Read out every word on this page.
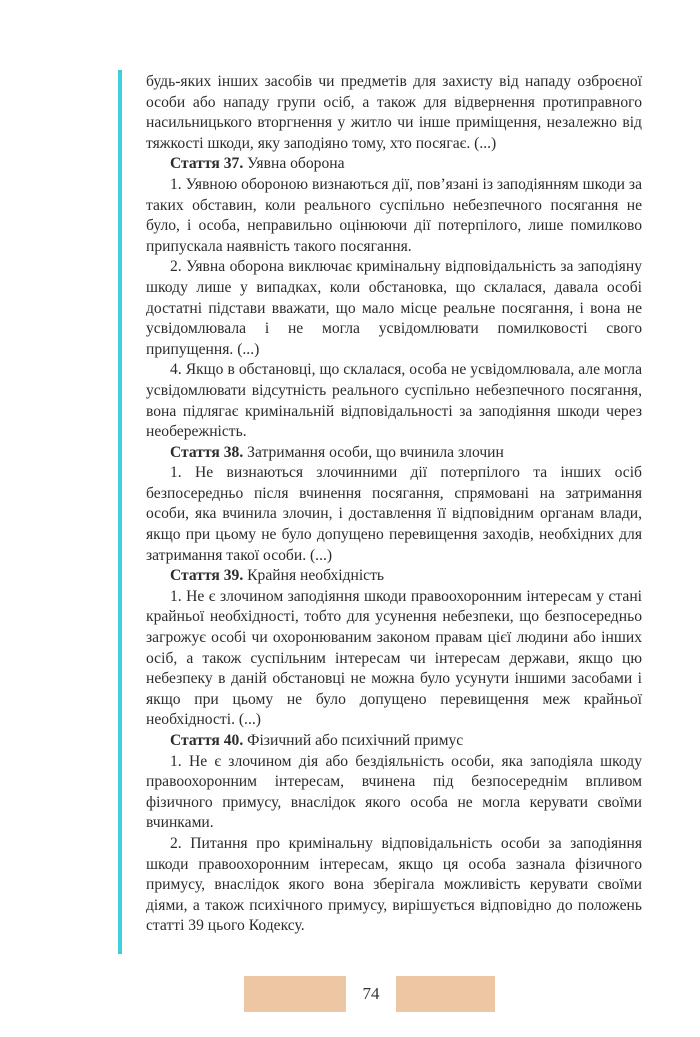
будь-яких інших засобів чи предметів для захисту від нападу озброєної особи або нападу групи осіб, а також для відвернення протиправного насильницького вторгнення у житло чи інше приміщення, незалежно від тяжкості шкоди, яку заподіяно тому, хто посягає. (...)

Стаття 37. Уявна оборона

1. Уявною обороною визнаються дії, пов’язані із заподіянням шкоди за таких обставин, коли реального суспільно небезпечного посягання не було, і особа, неправильно оцінюючи дії потерпілого, лише помилково припускала наявність такого посягання.

2. Уявна оборона виключає кримінальну відповідальність за заподіяну шкоду лише у випадках, коли обстановка, що склалася, давала особі достатні підстави вважати, що мало місце реальне посягання, і вона не усвідомлювала і не могла усвідомлювати помилковості свого припущення. (...)

4. Якщо в обстановці, що склалася, особа не усвідомлювала, але могла усвідомлювати відсутність реального суспільно небезпечного посягання, вона підлягає кримінальній відповідальності за заподіяння шкоди через необережність.

Стаття 38. Затримання особи, що вчинила злочин

1. Не визнаються злочинними дії потерпілого та інших осіб безпосередньо після вчинення посягання, спрямовані на затримання особи, яка вчинила злочин, і доставлення її відповідним органам влади, якщо при цьому не було допущено перевищення заходів, необхідних для затримання такої особи. (...)

Стаття 39. Крайня необхідність

1. Не є злочином заподіяння шкоди правоохоронним інтересам у стані крайньої необхідності, тобто для усунення небезпеки, що безпосередньо загрожує особі чи охоронюваним законом правам цієї людини або інших осіб, а також суспільним інтересам чи інтересам держави, якщо цю небезпеку в даній обстановці не можна було усунути іншими засобами і якщо при цьому не було допущено перевищення меж крайньої необхідності. (...)

Стаття 40. Фізичний або психічний примус

1. Не є злочином дія або бездіяльність особи, яка заподіяла шкоду правоохоронним інтересам, вчинена під безпосереднім впливом фізичного примусу, внаслідок якого особа не могла керувати своїми вчинками.

2. Питання про кримінальну відповідальність особи за заподіяння шкоди правоохоронним інтересам, якщо ця особа зазнала фізичного примусу, внаслідок якого вона зберігала можливість керувати своїми діями, а також психічного примусу, вирішується відповідно до положень статті 39 цього Кодексу.

74
